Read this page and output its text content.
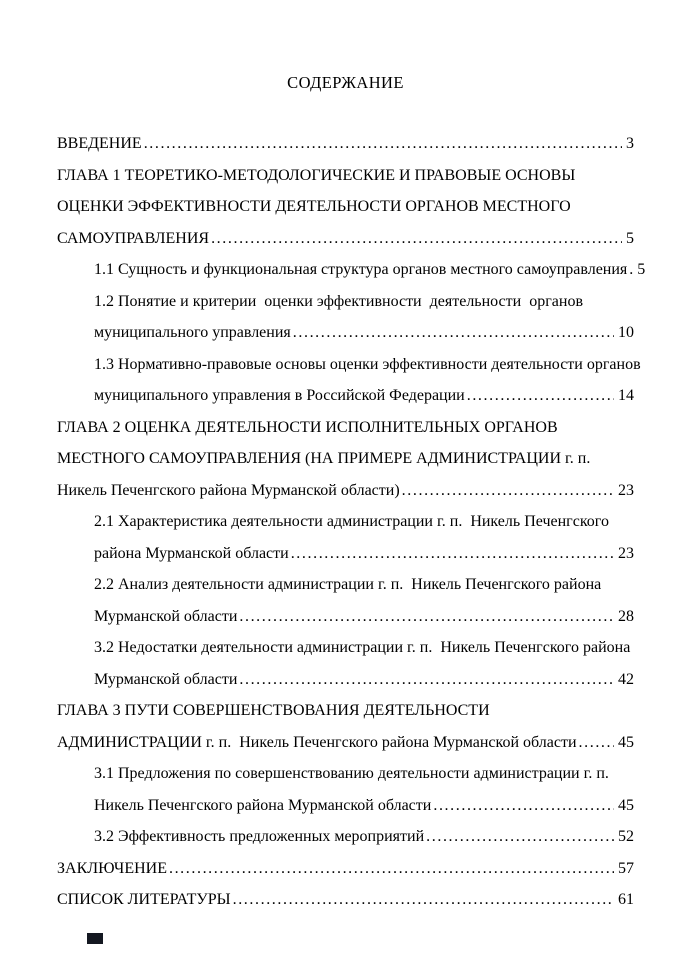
СОДЕРЖАНИЕ
ВВЕДЕНИЕ .....	3
ГЛАВА 1 ТЕОРЕТИКО-МЕТОДОЛОГИЧЕСКИЕ И ПРАВОВЫЕ ОСНОВЫ
ОЦЕНКИ ЭФФЕКТИВНОСТИ ДЕЯТЕЛЬНОСТИ ОРГАНОВ МЕСТНОГО
САМОУПРАВЛЕНИЯ .....	5
1.1 Сущность и функциональная структура органов местного самоуправления ..... 5
1.2 Понятие и критерии  оценки эффективности  деятельности  органов
муниципального управления .....	10
1.3 Нормативно-правовые основы оценки эффективности деятельности органов
муниципального управления в Российской Федерации .....	14
ГЛАВА 2 ОЦЕНКА ДЕЯТЕЛЬНОСТИ ИСПОЛНИТЕЛЬНЫХ ОРГАНОВ
МЕСТНОГО САМОУПРАВЛЕНИЯ (НА ПРИМЕРЕ АДМИНИСТРАЦИИ г. п.
Никель Печенгского района Мурманской области) .....	23
2.1 Характеристика деятельности администрации г. п.  Никель Печенгского
района Мурманской области .....	23
2.2 Анализ деятельности администрации г. п.  Никель Печенгского района
Мурманской области .....	28
3.2 Недостатки деятельности администрации г. п.  Никель Печенгского района
Мурманской области .....	42
ГЛАВА 3 ПУТИ СОВЕРШЕНСТВОВАНИЯ ДЕЯТЕЛЬНОСТИ
АДМИНИСТРАЦИИ г. п.  Никель Печенгского района Мурманской области .....	45
3.1 Предложения по совершенствованию деятельности администрации г. п.
Никель Печенгского района Мурманской области .....	45
3.2 Эффективность предложенных мероприятий .....	52
ЗАКЛЮЧЕНИЕ .....	57
СПИСОК ЛИТЕРАТУРЫ .....	61
